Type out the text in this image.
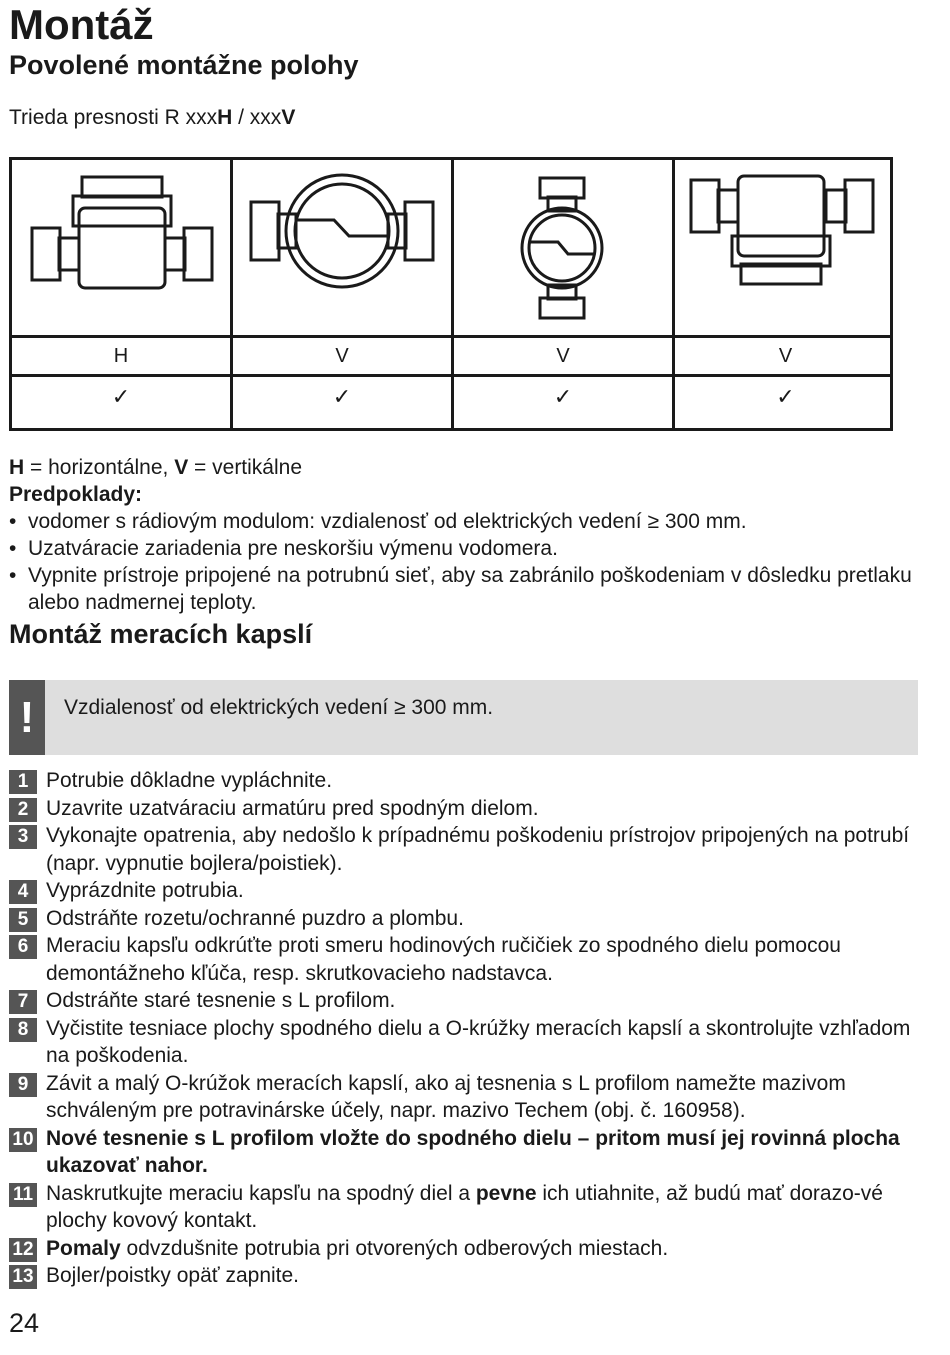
Montáž
Povolené montážne polohy
Trieda presnosti R xxxH / xxxV
H
✓
V
✓
V
✓
V
✓
H = horizontálne, V = vertikálne
Predpoklady:
• vodomer s rádiovým modulom: vzdialenosť od elektrických vedení ≥ 300 mm.
• Uzatváracie zariadenia pre neskoršiu výmenu vodomera.
• Vypnite prístroje pripojené na potrubnú sieť, aby sa zabránilo poškodeniam v dôsledku pretlaku alebo nadmernej teploty.
Montáž meracích kapslí
!	Vzdialenosť od elektrických vedení ≥ 300 mm.
1 Potrubie dôkladne vypláchnite.
2 Uzavrite uzatváraciu armatúru pred spodným dielom.
3 Vykonajte opatrenia, aby nedošlo k prípadnému poškodeniu prístrojov pripojených na potrubí (napr. vypnutie bojlera/poistiek).
4 Vyprázdnite potrubia.
5 Odstráňte rozetu/ochranné puzdro a plombu.
6 Meraciu kapsľu odkrúťte proti smeru hodinových ručičiek zo spodného dielu pomocou demontážneho kľúča, resp. skrutkovacieho nadstavca.
7 Odstráňte staré tesnenie s L profilom.
8 Vyčistite tesniace plochy spodného dielu a O-krúžky meracích kapslí a skontrolujte vzhľadom na poškodenia.
9 Závit a malý O-krúžok meracích kapslí, ako aj tesnenia s L profilom namežte mazivom schváleným pre potravinárske účely, napr. mazivo Techem (obj. č. 160958).
10 Nové tesnenie s L profilom vložte do spodného dielu – pritom musí jej rovinná plocha ukazovať nahor.
11 Naskrutkujte meraciu kapsľu na spodný diel a pevne ich utiahnite, až budú mať dorazo-vé plochy kovový kontakt.
12 Pomaly odvzdušnite potrubia pri otvorených odberových miestach.
13 Bojler/poistky opäť zapnite.
24
